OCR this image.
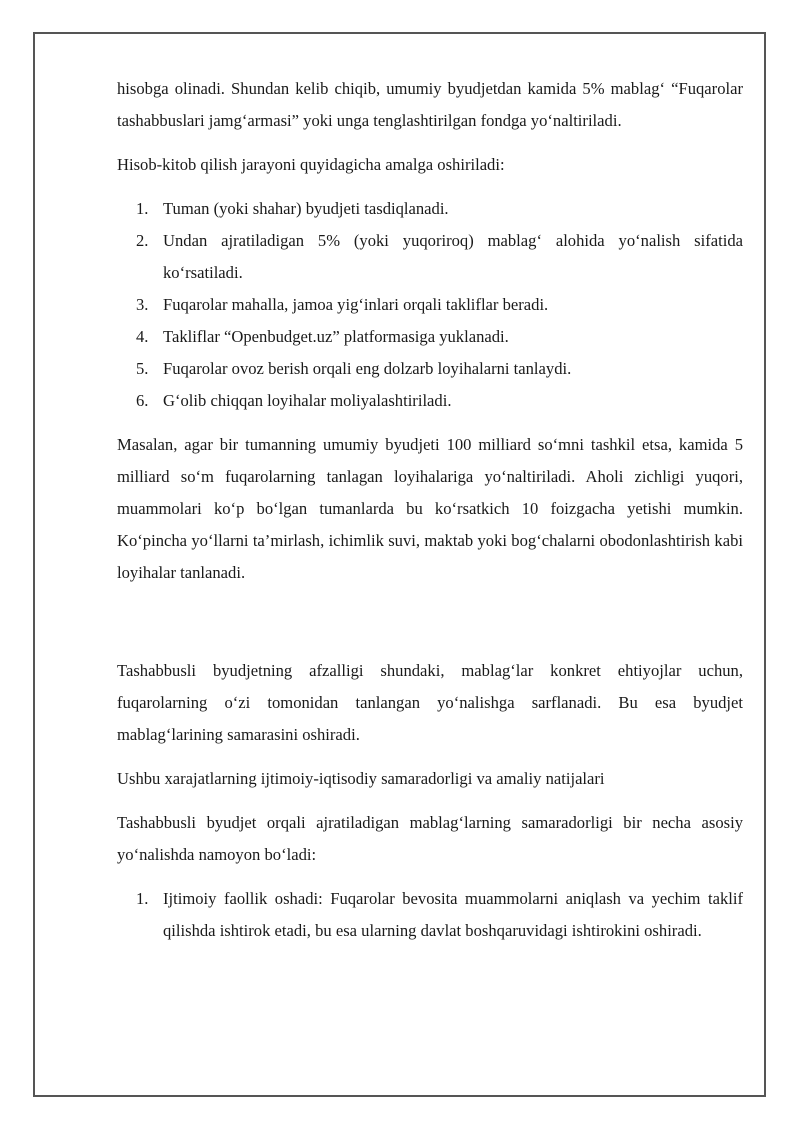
hisobga olinadi. Shundan kelib chiqib, umumiy byudjetdan kamida 5% mablag‘ “Fuqarolar tashabbuslari jamg‘armasi” yoki unga tenglashtirilgan fondga yo‘naltiriladi.

Hisob-kitob qilish jarayoni quyidagicha amalga oshiriladi:

1. Tuman (yoki shahar) byudjeti tasdiqlanadi.
2. Undan ajratiladigan 5% (yoki yuqoriroq) mablag‘ alohida yo‘nalish sifatida ko‘rsatiladi.
3. Fuqarolar mahalla, jamoa yig‘inlari orqali takliflar beradi.
4. Takliflar “Openbudget.uz” platformasiga yuklanadi.
5. Fuqarolar ovoz berish orqali eng dolzarb loyihalarni tanlaydi.
6. G‘olib chiqqan loyihalar moliyalashtiriladi.

Masalan, agar bir tumanning umumiy byudjeti 100 milliard so‘mni tashkil etsa, kamida 5 milliard so‘m fuqarolarning tanlagan loyihalariga yo‘naltiriladi. Aholi zichligi yuqori, muammolari ko‘p bo‘lgan tumanlarda bu ko‘rsatkich 10 foizgacha yetishi mumkin. Ko‘pincha yo‘llarni ta’mirlash, ichimlik suvi, maktab yoki bog‘chalarni obodonlashtirish kabi loyihalar tanlanadi.

Tashabbusli byudjetning afzalligi shundaki, mablag‘lar konkret ehtiyojlar uchun, fuqarolarning o‘zi tomonidan tanlangan yo‘nalishga sarflanadi. Bu esa byudjet mablag‘larining samarasini oshiradi.

Ushbu xarajatlarning ijtimoiy-iqtisodiy samaradorligi va amaliy natijalari

Tashabbusli byudjet orqali ajratiladigan mablag‘larning samaradorligi bir necha asosiy yo‘nalishda namoyon bo‘ladi:

1. Ijtimoiy faollik oshadi: Fuqarolar bevosita muammolarni aniqlash va yechim taklif qilishda ishtirok etadi, bu esa ularning davlat boshqaruvidagi ishtirokini oshiradi.
